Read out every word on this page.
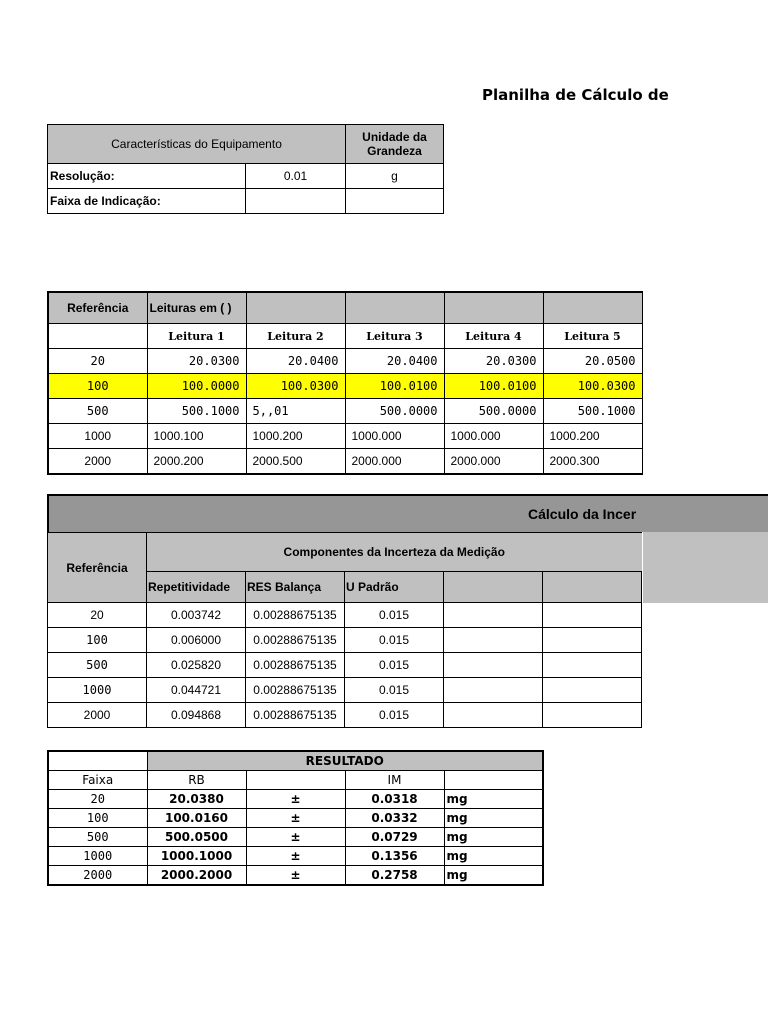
Planilha de Cálculo de
Características do Equipamento		Unidade da Grandeza
Resolução:	0.01	g
Faixa de Indicação:		
Referência	Leituras em ( )				
	Leitura 1	Leitura 2	Leitura 3	Leitura 4	Leitura 5
20	20.0300	20.0400	20.0400	20.0300	20.0500
100	100.0000	100.0300	100.0100	100.0100	100.0300
500	500.1000	5,,01	500.0000	500.0000	500.1000
1000	1000.100	1000.200	1000.000	1000.000	1000.200
2000	2000.200	2000.500	2000.000	2000.000	2000.300
Cálculo da Incer
Referência	Componentes da Incerteza da Medição				
	Repetitividade	RES Balança	U Padrão		
20	0.003742	0.00288675135	0.015		
100	0.006000	0.00288675135	0.015		
500	0.025820	0.00288675135	0.015		
1000	0.044721	0.00288675135	0.015		
2000	0.094868	0.00288675135	0.015		
	RESULTADO			
Faixa	RB		IM	
20	20.0380	±	0.0318	mg
100	100.0160	±	0.0332	mg
500	500.0500	±	0.0729	mg
1000	1000.1000	±	0.1356	mg
2000	2000.2000	±	0.2758	mg
